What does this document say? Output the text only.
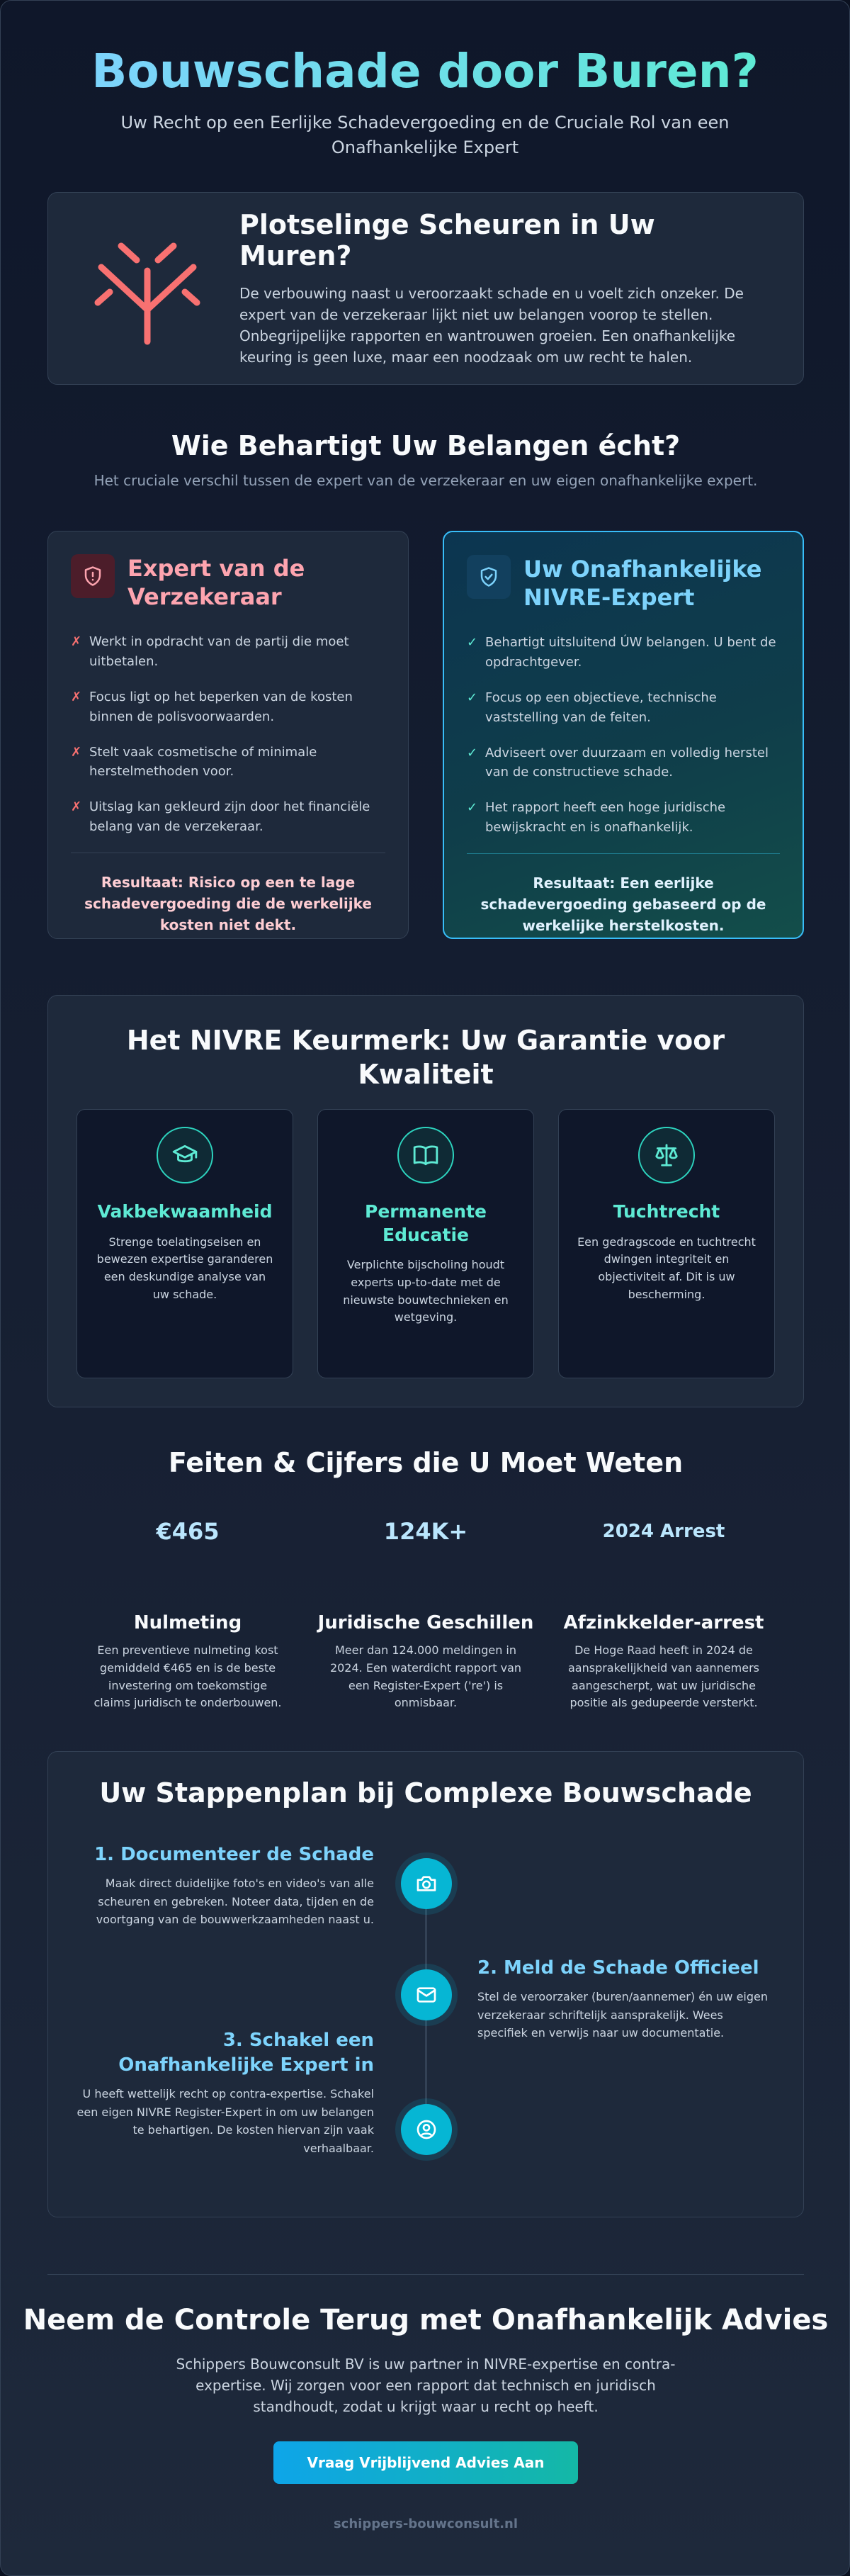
Bouwschade door Buren?

Uw Recht op een Eerlijke Schadevergoeding en de Cruciale Rol van een Onafhankelijke Expert

Plotselinge Scheuren in Uw Muren?

De verbouwing naast u veroorzaakt schade en u voelt zich onzeker. De expert van de verzekeraar lijkt niet uw belangen voorop te stellen. Onbegrijpelijke rapporten en wantrouwen groeien. Een onafhankelijke keuring is geen luxe, maar een noodzaak om uw recht te halen.

Wie Behartigt Uw Belangen écht?

Het cruciale verschil tussen de expert van de verzekeraar en uw eigen onafhankelijke expert.

Expert van de Verzekeraar
✗ Werkt in opdracht van de partij die moet uitbetalen.
✗ Focus ligt op het beperken van de kosten binnen de polisvoorwaarden.
✗ Stelt vaak cosmetische of minimale herstelmethoden voor.
✗ Uitslag kan gekleurd zijn door het financiële belang van de verzekeraar.

Resultaat: Risico op een te lage schadevergoeding die de werkelijke kosten niet dekt.

Uw Onafhankelijke NIVRE-Expert
✓ Behartigt uitsluitend ÚW belangen. U bent de opdrachtgever.
✓ Focus op een objectieve, technische vaststelling van de feiten.
✓ Adviseert over duurzaam en volledig herstel van de constructieve schade.
✓ Het rapport heeft een hoge juridische bewijskracht en is onafhankelijk.

Resultaat: Een eerlijke schadevergoeding gebaseerd op de werkelijke herstelkosten.

Het NIVRE Keurmerk: Uw Garantie voor Kwaliteit
Vakbekwaamheid

Strenge toelatingseisen en bewezen expertise garanderen een deskundige analyse van uw schade.

Permanente Educatie

Verplichte bijscholing houdt experts up-to-date met de nieuwste bouwtechnieken en wetgeving.

Tuchtrecht

Een gedragscode en tuchtrecht dwingen integriteit en objectiviteit af. Dit is uw bescherming.

Feiten & Cijfers die U Moet Weten
€465
Nulmeting

Een preventieve nulmeting kost gemiddeld €465 en is de beste investering om toekomstige claims juridisch te onderbouwen.

124K+
Juridische Geschillen

Meer dan 124.000 meldingen in 2024. Een waterdicht rapport van een Register-Expert ('re') is onmisbaar.

2024 Arrest
Afzinkkelder-arrest

De Hoge Raad heeft in 2024 de aansprakelijkheid van aannemers aangescherpt, wat uw juridische positie als gedupeerde versterkt.

Uw Stappenplan bij Complexe Bouwschade
1. Documenteer de Schade

Maak direct duidelijke foto's en video's van alle scheuren en gebreken. Noteer data, tijden en de voortgang van de bouwwerkzaamheden naast u.

2. Meld de Schade Officieel

Stel de veroorzaker (buren/aannemer) én uw eigen verzekeraar schriftelijk aansprakelijk. Wees specifiek en verwijs naar uw documentatie.

3. Schakel een Onafhankelijke Expert in

U heeft wettelijk recht op contra-expertise. Schakel een eigen NIVRE Register-Expert in om uw belangen te behartigen. De kosten hiervan zijn vaak verhaalbaar.

Neem de Controle Terug met Onafhankelijk Advies

Schippers Bouwconsult BV is uw partner in NIVRE-expertise en contra-expertise. Wij zorgen voor een rapport dat technisch en juridisch standhoudt, zodat u krijgt waar u recht op heeft.

Vraag Vrijblijvend Advies Aan
schippers-bouwconsult.nl
